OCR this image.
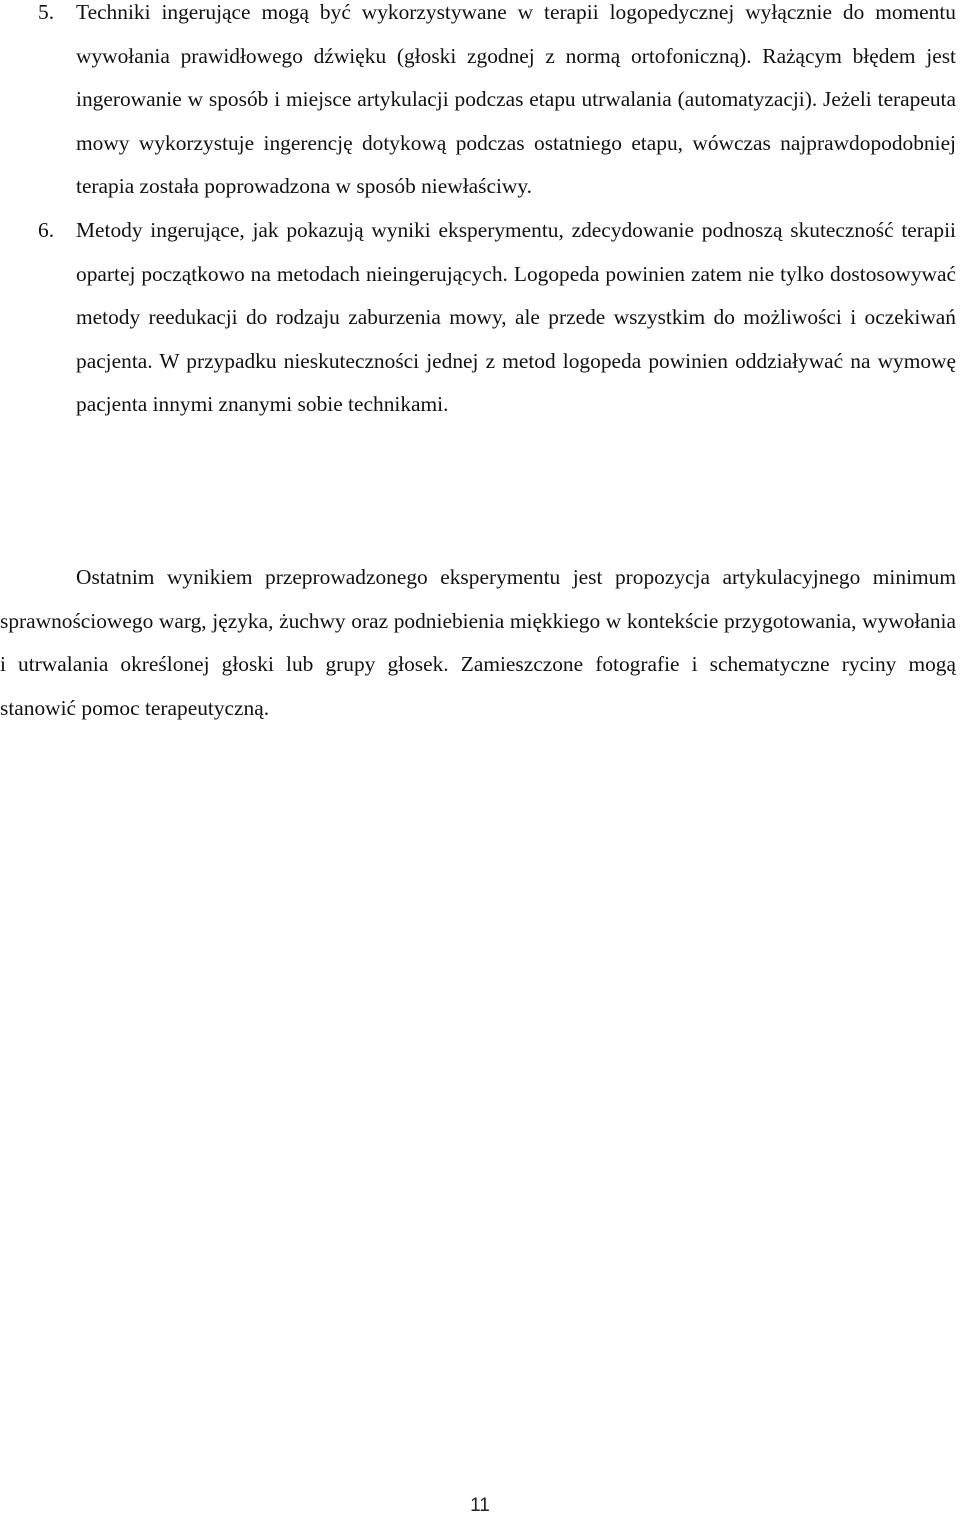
5. Techniki ingerujące mogą być wykorzystywane w terapii logopedycznej wyłącznie do momentu wywołania prawidłowego dźwięku (głoski zgodnej z normą ortofoniczną). Rażącym błędem jest ingerowanie w sposób i miejsce artykulacji podczas etapu utrwalania (automatyzacji). Jeżeli terapeuta mowy wykorzystuje ingerencję dotykową podczas ostatniego etapu, wówczas najprawdopodobniej terapia została poprowadzona w sposób niewłaściwy.
6. Metody ingerujące, jak pokazują wyniki eksperymentu, zdecydowanie podnoszą skuteczność terapii opartej początkowo na metodach nieingerujących. Logopeda powinien zatem nie tylko dostosowywać metody reedukacji do rodzaju zaburzenia mowy, ale przede wszystkim do możliwości i oczekiwań pacjenta. W przypadku nieskuteczności jednej z metod logopeda powinien oddziaływać na wymowę pacjenta innymi znanymi sobie technikami.

Ostatnim wynikiem przeprowadzonego eksperymentu jest propozycja artykulacyjnego minimum sprawnościowego warg, języka, żuchwy oraz podniebienia miękkiego w kontekście przygotowania, wywołania i utrwalania określonej głoski lub grupy głosek. Zamieszczone fotografie i schematyczne ryciny mogą stanowić pomoc terapeutyczną.

11
